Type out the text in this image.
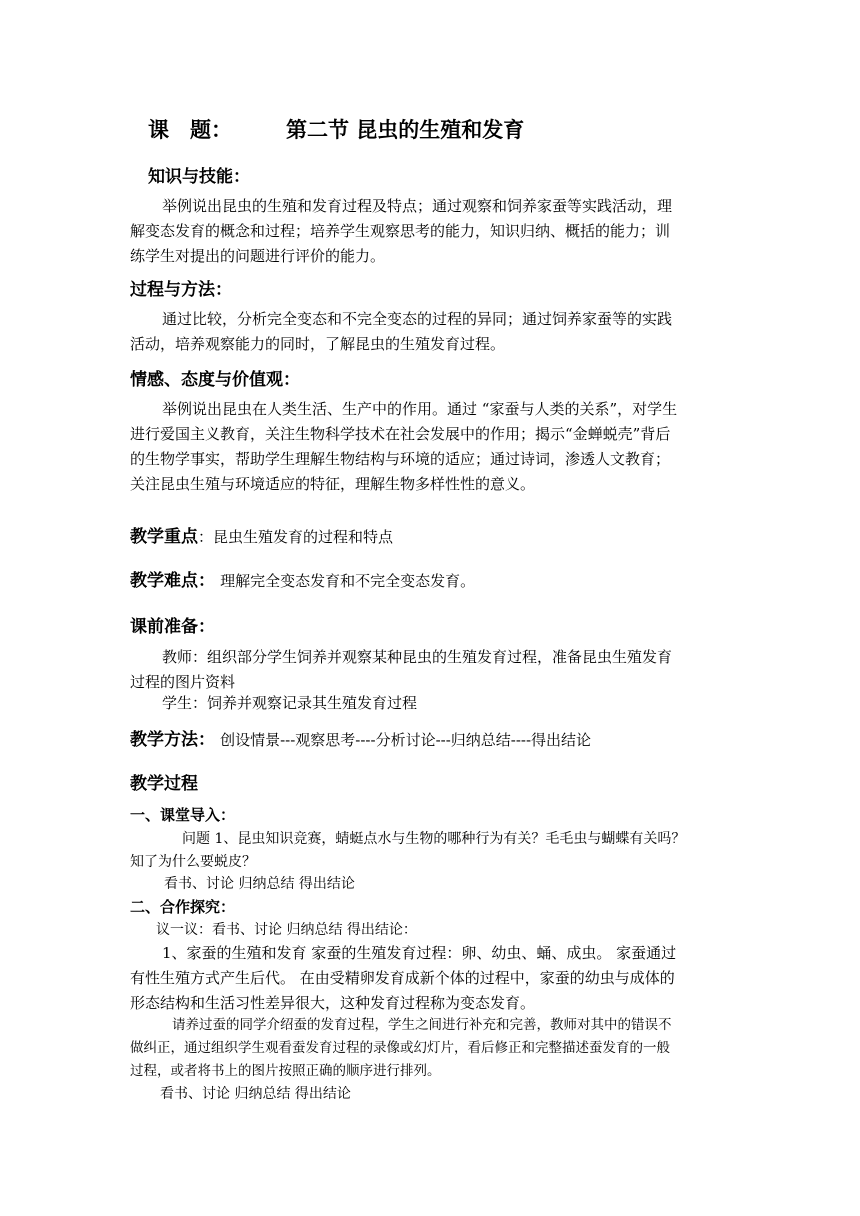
课　题：	第二节 昆虫的生殖和发育
知识与技能：
举例说出昆虫的生殖和发育过程及特点；通过观察和饲养家蚕等实践活动，理
解变态发育的概念和过程；培养学生观察思考的能力，知识归纳、概括的能力；训
练学生对提出的问题进行评价的能力。
过程与方法：
通过比较，分析完全变态和不完全变态的过程的异同；通过饲养家蚕等的实践
活动，培养观察能力的同时，了解昆虫的生殖发育过程。
情感、态度与价值观：
举例说出昆虫在人类生活、生产中的作用。通过 “家蚕与人类的关系”，对学生
进行爱国主义教育，关注生物科学技术在社会发展中的作用；揭示“金蝉蜕壳”背后
的生物学事实，帮助学生理解生物结构与环境的适应；通过诗词，渗透人文教育；
关注昆虫生殖与环境适应的特征，理解生物多样性性的意义。
教学重点：昆虫生殖发育的过程和特点
教学难点： 理解完全变态发育和不完全变态发育。
课前准备：
教师：组织部分学生饲养并观察某种昆虫的生殖发育过程，准备昆虫生殖发育
过程的图片资料
学生：饲养并观察记录其生殖发育过程
教学方法： 创设情景---观察思考----分析讨论---归纳总结----得出结论
教学过程
一、课堂导入：
问题 1、昆虫知识竞赛，蜻蜓点水与生物的哪种行为有关？毛毛虫与蝴蝶有关吗？
知了为什么要蜕皮？
看书、讨论 归纳总结 得出结论
二、合作探究：
议一议：看书、讨论 归纳总结 得出结论：
1、家蚕的生殖和发育 家蚕的生殖发育过程：卵、幼虫、蛹、成虫。 家蚕通过
有性生殖方式产生后代。 在由受精卵发育成新个体的过程中，家蚕的幼虫与成体的
形态结构和生活习性差异很大，这种发育过程称为变态发育。
请养过蚕的同学介绍蚕的发育过程，学生之间进行补充和完善，教师对其中的错误不
做纠正，通过组织学生观看蚕发育过程的录像或幻灯片，看后修正和完整描述蚕发育的一般
过程，或者将书上的图片按照正确的顺序进行排列。
看书、讨论 归纳总结 得出结论
